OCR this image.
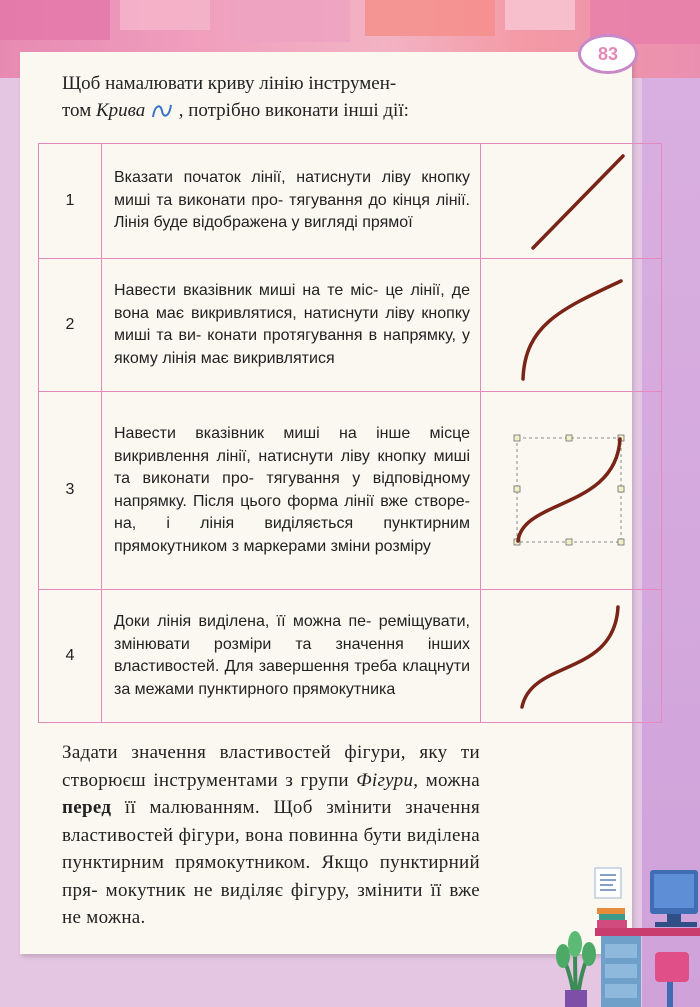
83
Щоб намалювати криву лінію інструмен-
том Крива  , потрібно виконати інші дії:
1	Вказати початок лінії, натиснути ліву кнопку миші та виконати про- тягування до кінця лінії. Лінія буде відображена у вигляді прямої	

2	Навести вказівник миші на те міс- це лінії, де вона має викривлятися, натиснути ліву кнопку миші та ви- конати протягування в напрямку, у якому лінія має викривлятися	

3	Навести вказівник миші на інше місце викривлення лінії, натиснути ліву кнопку миші та виконати про- тягування у відповідному напрямку. Після цього форма лінії вже створе- на, і лінія виділяється пунктирним прямокутником з маркерами зміни розміру	

4	Доки лінія виділена, її можна пе- реміщувати, змінювати розміри та значення інших властивостей. Для завершення треба клацнути за межами пунктирного прямокутника	
Задати значення властивостей фігури, яку ти створюєш інструментами з групи Фігури, можна перед її малюванням. Щоб змінити значення властивостей фігури, вона повинна бути виділена пунктирним прямокутником. Якщо пунктирний пря- мокутник не виділяє фігуру, змінити її вже не можна.
